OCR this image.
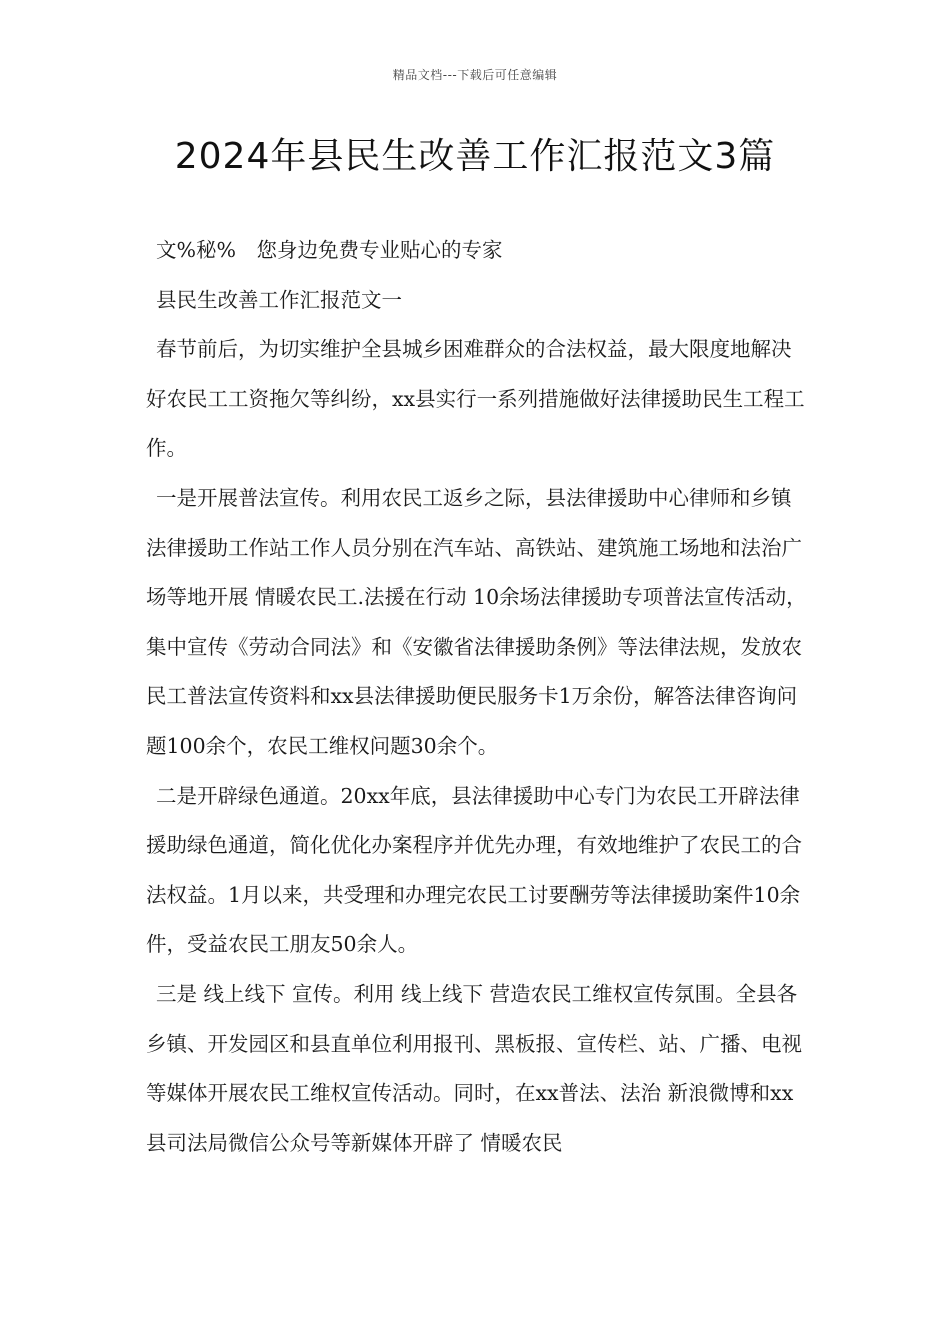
精品文档---下载后可任意编辑
2024年县民生改善工作汇报范文3篇

文%秘%　您身边免费专业贴心的专家

县民生改善工作汇报范文一

春节前后，为切实维护全县城乡困难群众的合法权益，最大限度地解决好农民工工资拖欠等纠纷，xx县实行一系列措施做好法律援助民生工程工作。

一是开展普法宣传。利用农民工返乡之际，县法律援助中心律师和乡镇法律援助工作站工作人员分别在汽车站、高铁站、建筑施工场地和法治广场等地开展 情暖农民工.法援在行动 10余场法律援助专项普法宣传活动，集中宣传《劳动合同法》和《安徽省法律援助条例》等法律法规，发放农民工普法宣传资料和xx县法律援助便民服务卡1万余份，解答法律咨询问题100余个，农民工维权问题30余个。

二是开辟绿色通道。20xx年底，县法律援助中心专门为农民工开辟法律援助绿色通道，简化优化办案程序并优先办理，有效地维护了农民工的合法权益。1月以来，共受理和办理完农民工讨要酬劳等法律援助案件10余件，受益农民工朋友50余人。

三是 线上线下 宣传。利用 线上线下 营造农民工维权宣传氛围。全县各乡镇、开发园区和县直单位利用报刊、黑板报、宣传栏、站、广播、电视等媒体开展农民工维权宣传活动。同时，在xx普法、法治 新浪微博和xx县司法局微信公众号等新媒体开辟了 情暖农民
